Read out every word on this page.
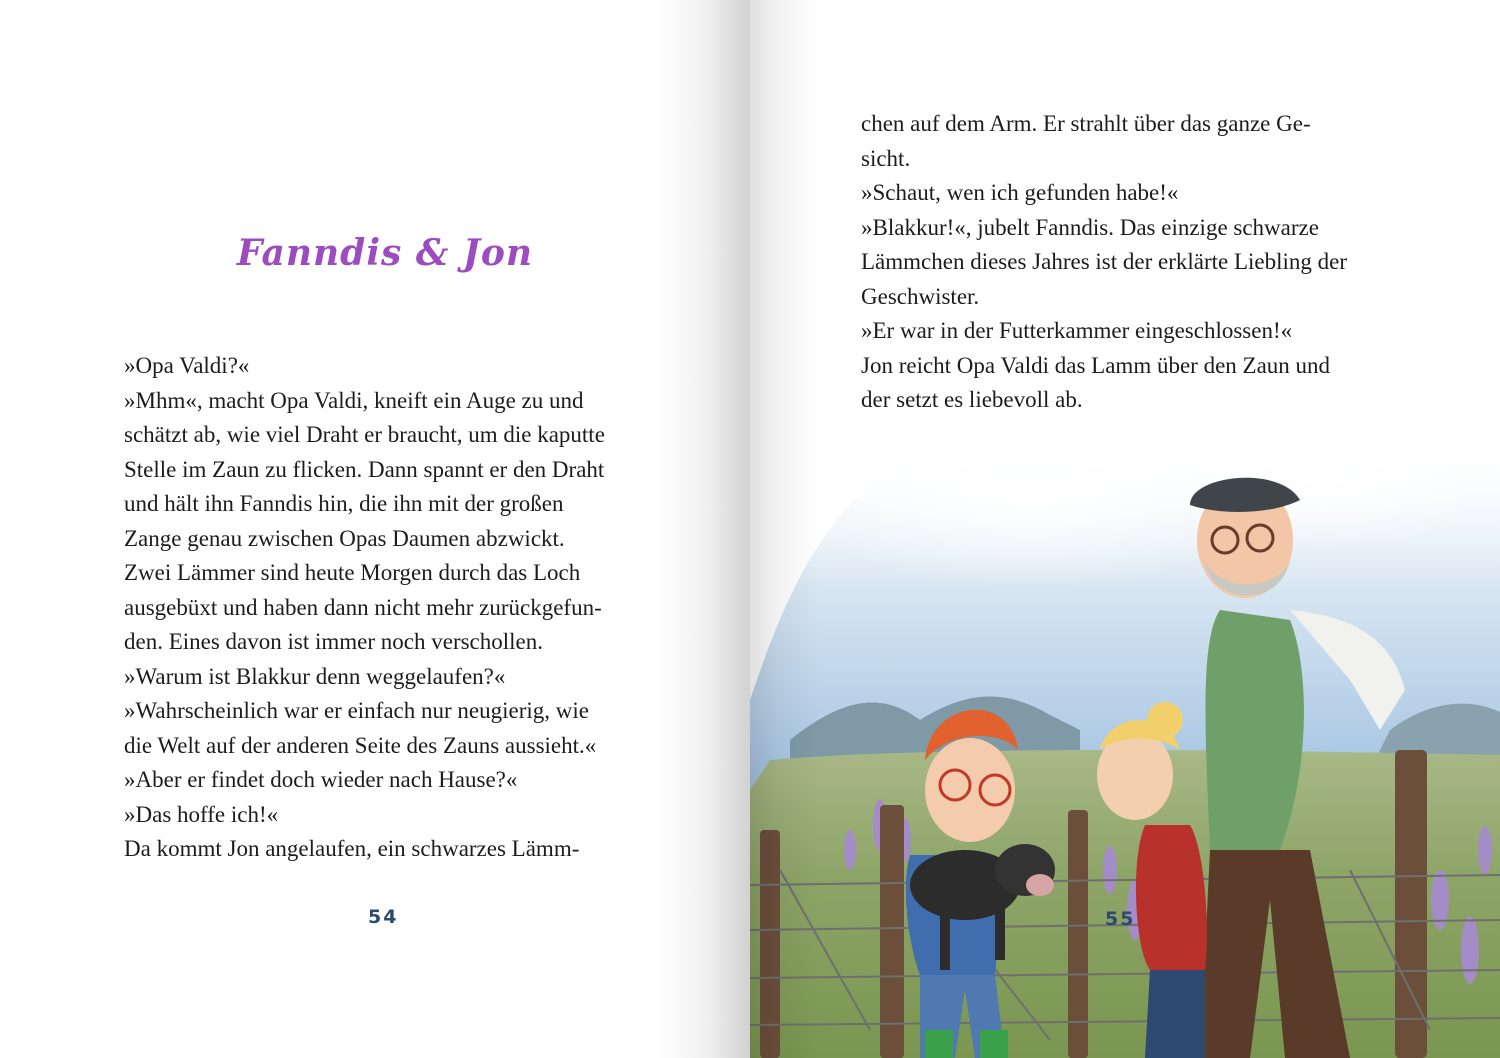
Fanndis & Jon
»Opa Valdi?«
»Mhm«, macht Opa Valdi, kneift ein Auge zu und
schätzt ab, wie viel Draht er braucht, um die kaputte
Stelle im Zaun zu flicken. Dann spannt er den Draht
und hält ihn Fanndis hin, die ihn mit der großen
Zange genau zwischen Opas Daumen abzwickt.
Zwei Lämmer sind heute Morgen durch das Loch
ausgebüxt und haben dann nicht mehr zurückgefun-
den. Eines davon ist immer noch verschollen.
»Warum ist Blakkur denn weggelaufen?«
»Wahrscheinlich war er einfach nur neugierig, wie
die Welt auf der anderen Seite des Zauns aussieht.«
»Aber er findet doch wieder nach Hause?«
»Das hoffe ich!«
Da kommt Jon angelaufen, ein schwarzes Lämm-
54
chen auf dem Arm. Er strahlt über das ganze Ge-
sicht.
»Schaut, wen ich gefunden habe!«
»Blakkur!«, jubelt Fanndis. Das einzige schwarze
Lämmchen dieses Jahres ist der erklärte Liebling der
Geschwister.
»Er war in der Futterkammer eingeschlossen!«
Jon reicht Opa Valdi das Lamm über den Zaun und
der setzt es liebevoll ab.
55
